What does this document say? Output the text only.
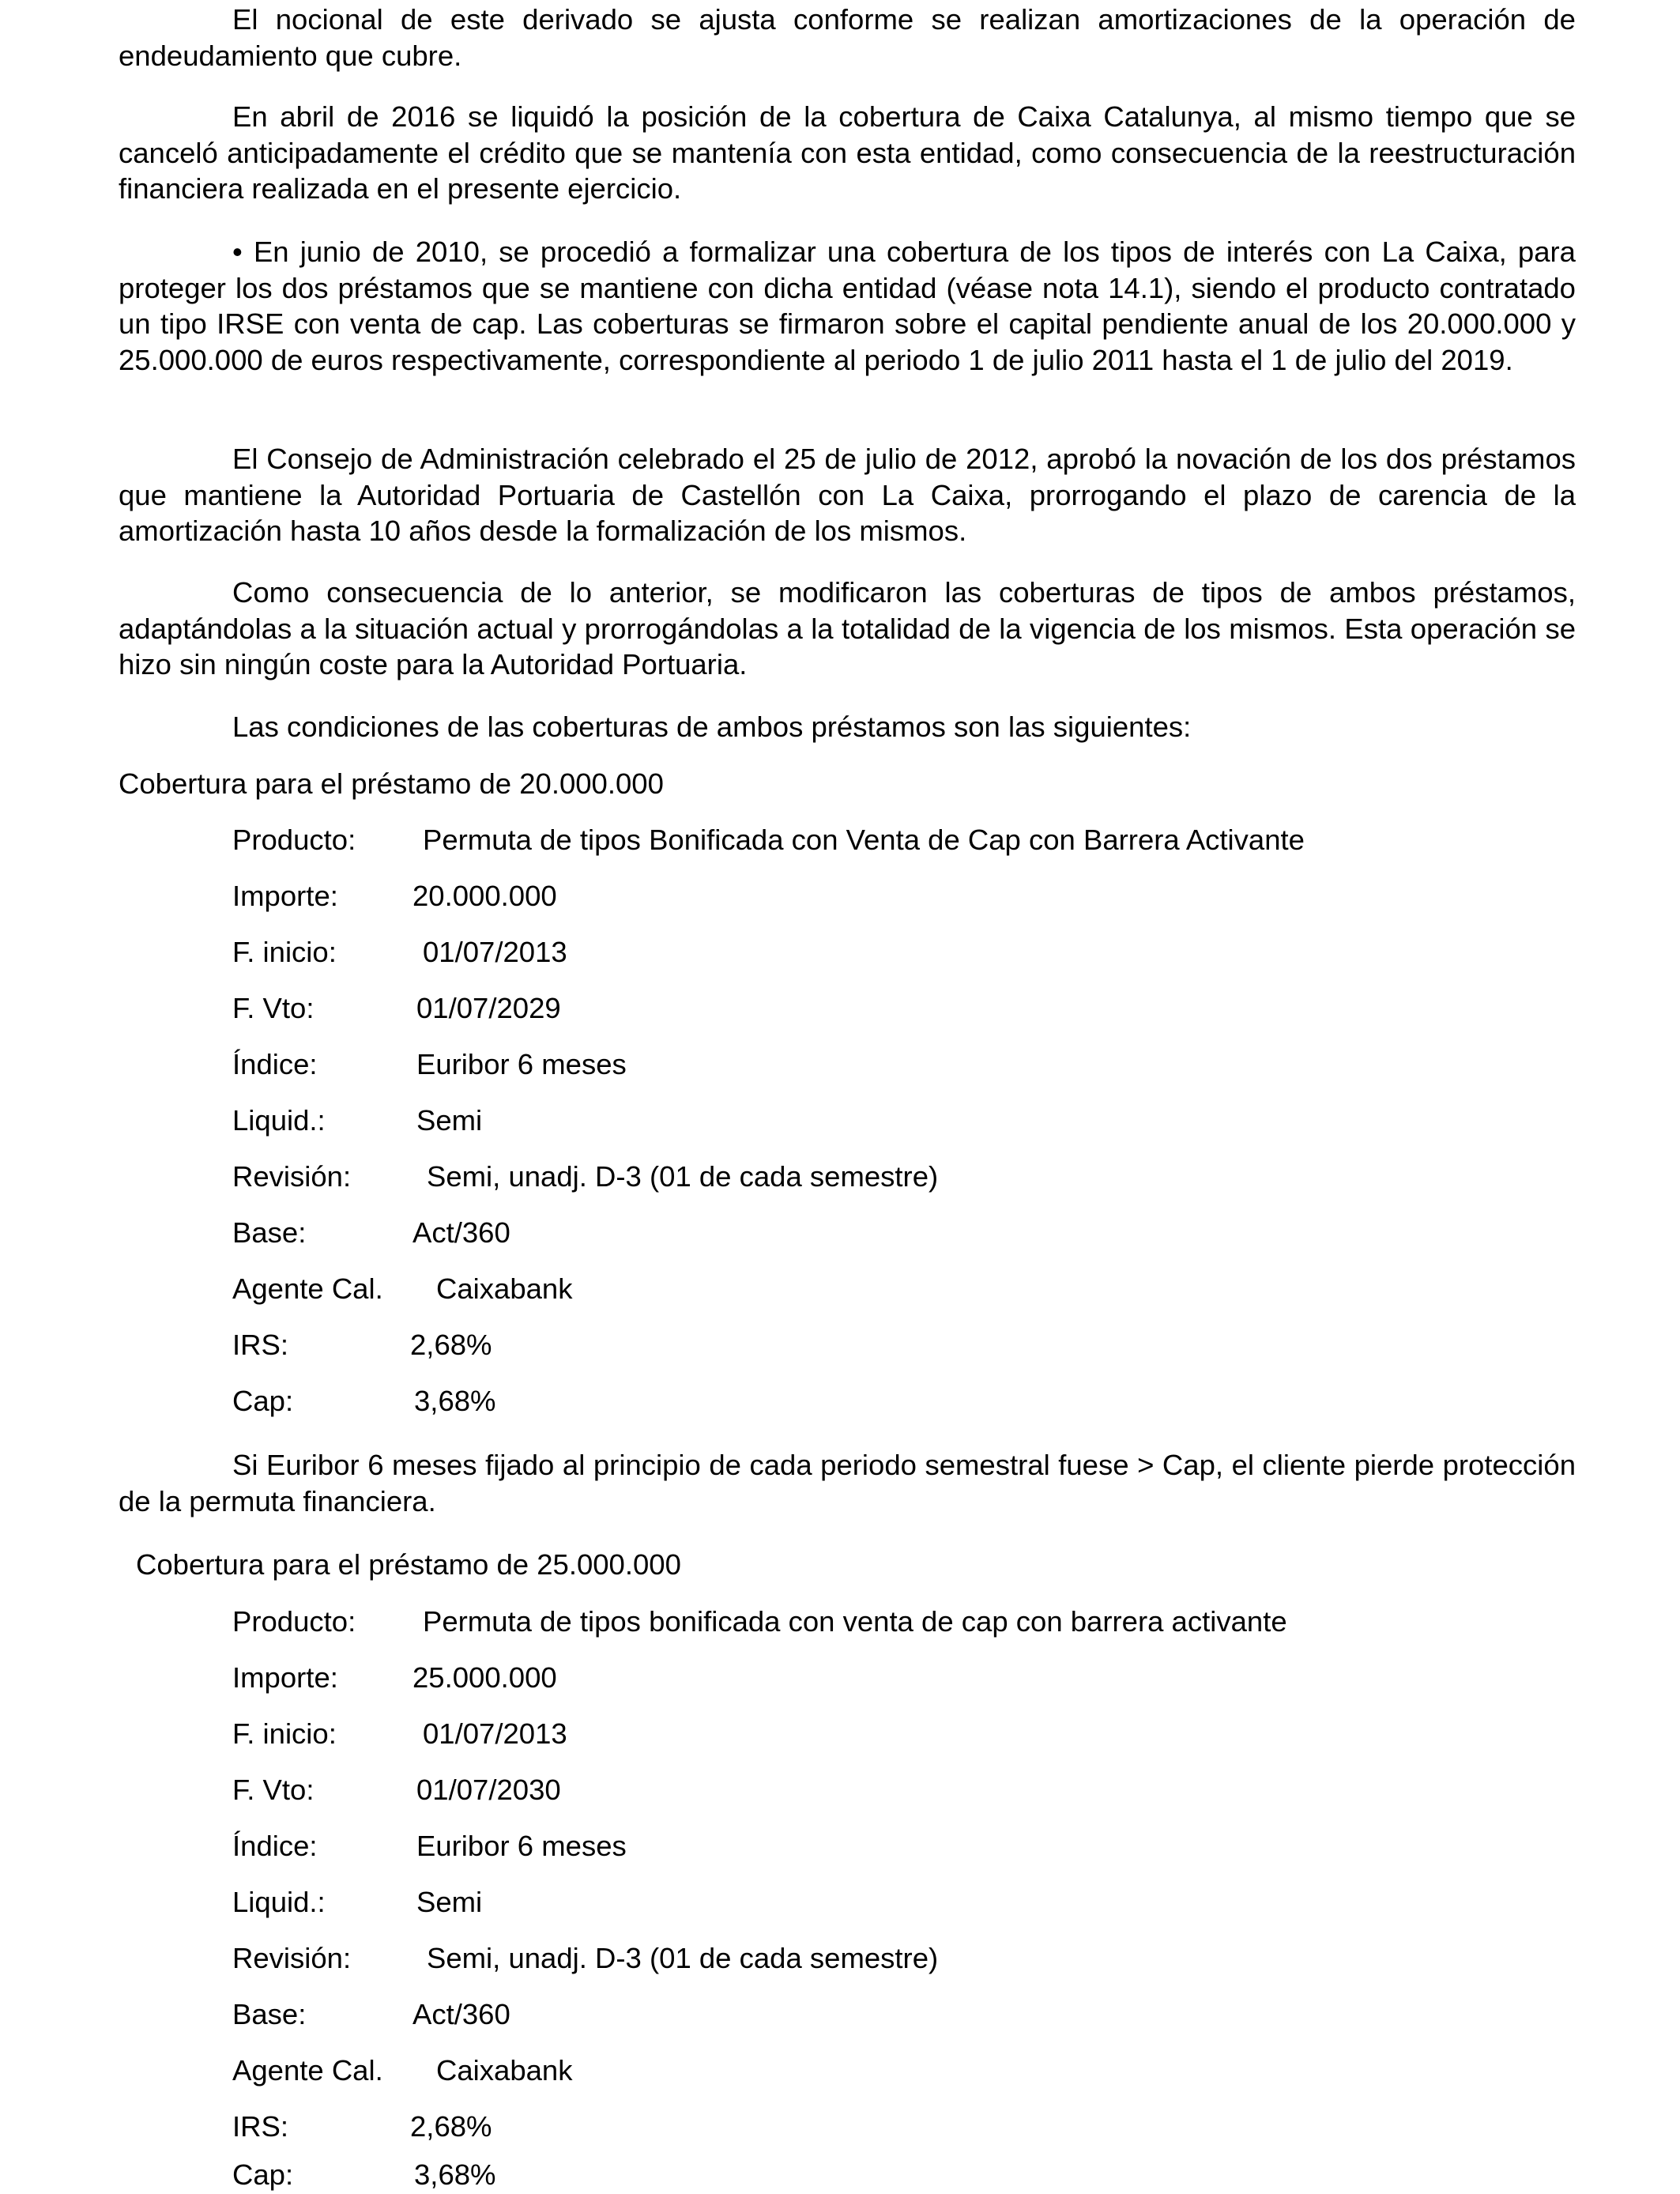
El nocional de este derivado se ajusta conforme se realizan amortizaciones de la operación de endeudamiento que cubre.

En abril de 2016 se liquidó la posición de la cobertura de Caixa Catalunya, al mismo tiempo que se canceló anticipadamente el crédito que se mantenía con esta entidad, como consecuencia de la reestructuración financiera realizada en el presente ejercicio.

• En junio de 2010, se procedió a formalizar una cobertura de los tipos de interés con La Caixa, para proteger los dos préstamos que se mantiene con dicha entidad (véase nota 14.1), siendo el producto contratado un tipo IRSE con venta de cap. Las coberturas se firmaron sobre el capital pendiente anual de los 20.000.000 y 25.000.000 de euros respectivamente, correspondiente al periodo 1 de julio 2011 hasta el 1 de julio del 2019.

El Consejo de Administración celebrado el 25 de julio de 2012, aprobó la novación de los dos préstamos que mantiene la Autoridad Portuaria de Castellón con La Caixa, prorrogando el plazo de carencia de la amortización hasta 10 años desde la formalización de los mismos.

Como consecuencia de lo anterior, se modificaron las coberturas de tipos de ambos préstamos, adaptándolas a la situación actual y prorrogándolas a la totalidad de la vigencia de los mismos. Esta operación se hizo sin ningún coste para la Autoridad Portuaria.

Las condiciones de las coberturas de ambos préstamos son las siguientes:

Cobertura para el préstamo de 20.000.000

Producto: Permuta de tipos Bonificada con Venta de Cap con Barrera Activante
Importe:	20.000.000
F. inicio:	01/07/2013
F. Vto:	01/07/2029
Índice:	Euribor 6 meses
Liquid.:	Semi
Revisión:	Semi, unadj. D-3 (01 de cada semestre)
Base:	Act/360
Agente Cal. Caixabank
IRS:	2,68%
Cap:	3,68%

Si Euribor 6 meses fijado al principio de cada periodo semestral fuese > Cap, el cliente pierde protección de la permuta financiera.

Cobertura para el préstamo de 25.000.000

Producto: Permuta de tipos bonificada con venta de cap con barrera activante
Importe:	25.000.000
F. inicio:	01/07/2013
F. Vto:	01/07/2030
Índice:	Euribor 6 meses
Liquid.:	Semi
Revisión:	Semi, unadj. D-3 (01 de cada semestre)
Base:	Act/360
Agente Cal. Caixabank
IRS:	2,68%
Cap:	3,68%
